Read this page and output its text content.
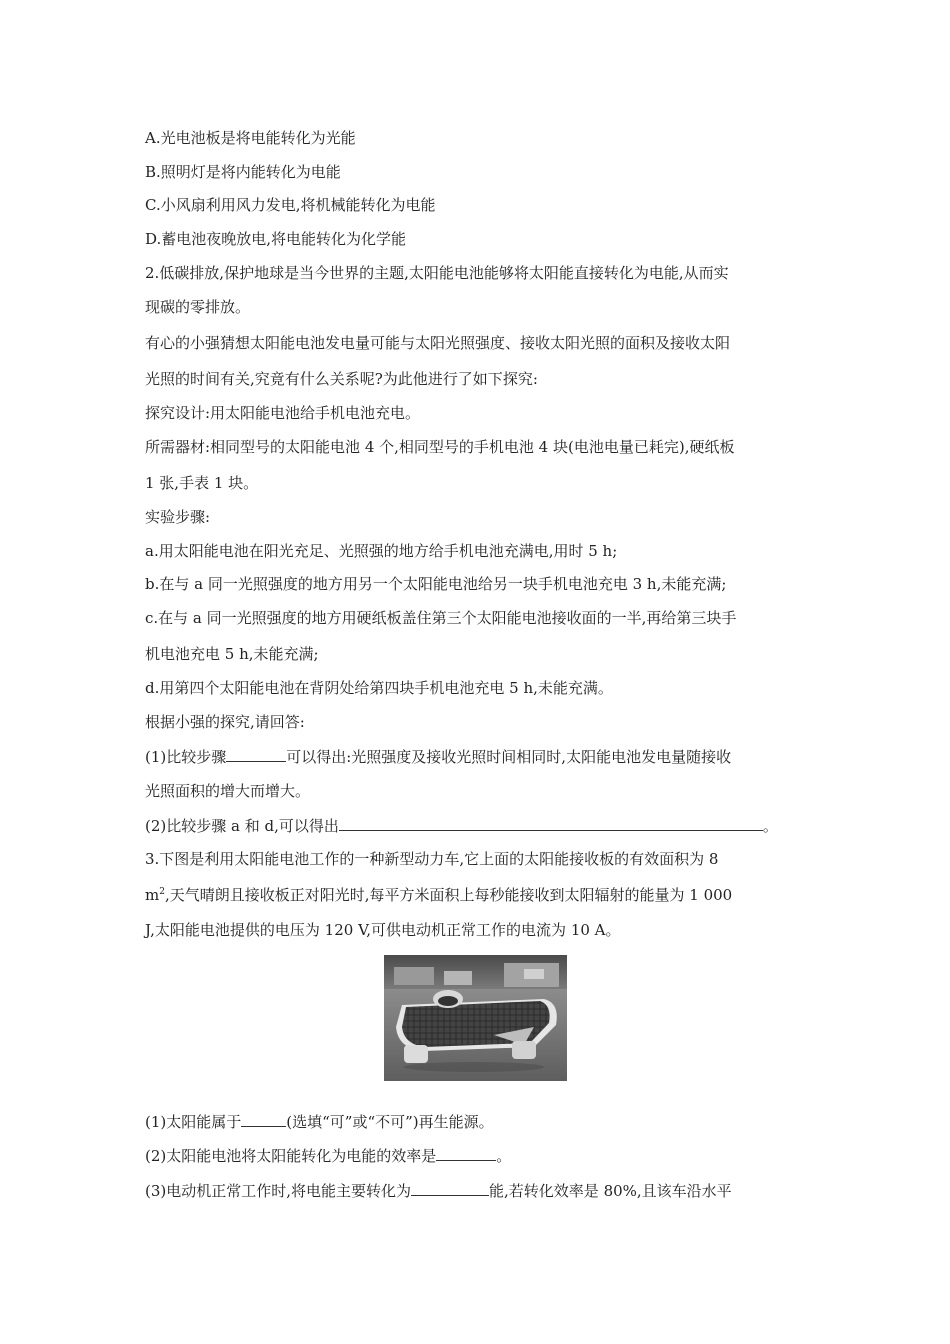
A.光电池板是将电能转化为光能
B.照明灯是将内能转化为电能
C.小风扇利用风力发电,将机械能转化为电能
D.蓄电池夜晚放电,将电能转化为化学能
2.低碳排放,保护地球是当今世界的主题,太阳能电池能够将太阳能直接转化为电能,从而实
现碳的零排放。
有心的小强猜想太阳能电池发电量可能与太阳光照强度、接收太阳光照的面积及接收太阳
光照的时间有关,究竟有什么关系呢?为此他进行了如下探究:
探究设计:用太阳能电池给手机电池充电。
所需器材:相同型号的太阳能电池 4 个,相同型号的手机电池 4 块(电池电量已耗完),硬纸板
1 张,手表 1 块。
实验步骤:
a.用太阳能电池在阳光充足、光照强的地方给手机电池充满电,用时 5 h;
b.在与 a 同一光照强度的地方用另一个太阳能电池给另一块手机电池充电 3 h,未能充满;
c.在与 a 同一光照强度的地方用硬纸板盖住第三个太阳能电池接收面的一半,再给第三块手
机电池充电 5 h,未能充满;
d.用第四个太阳能电池在背阴处给第四块手机电池充电 5 h,未能充满。
根据小强的探究,请回答:
(1)比较步骤	可以得出:光照强度及接收光照时间相同时,太阳能电池发电量随接收
光照面积的增大而增大。
(2)比较步骤 a 和 d,可以得出	。
3.下图是利用太阳能电池工作的一种新型动力车,它上面的太阳能接收板的有效面积为 8
$m^2$,天气晴朗且接收板正对阳光时,每平方米面积上每秒能接收到太阳辐射的能量为 1 000
J,太阳能电池提供的电压为 120 V,可供电动机正常工作的电流为 10 A。
(1)太阳能属于	(选填“可”或“不可”)再生能源。
(2)太阳能电池将太阳能转化为电能的效率是	。
(3)电动机正常工作时,将电能主要转化为	能,若转化效率是 80%,且该车沿水平
